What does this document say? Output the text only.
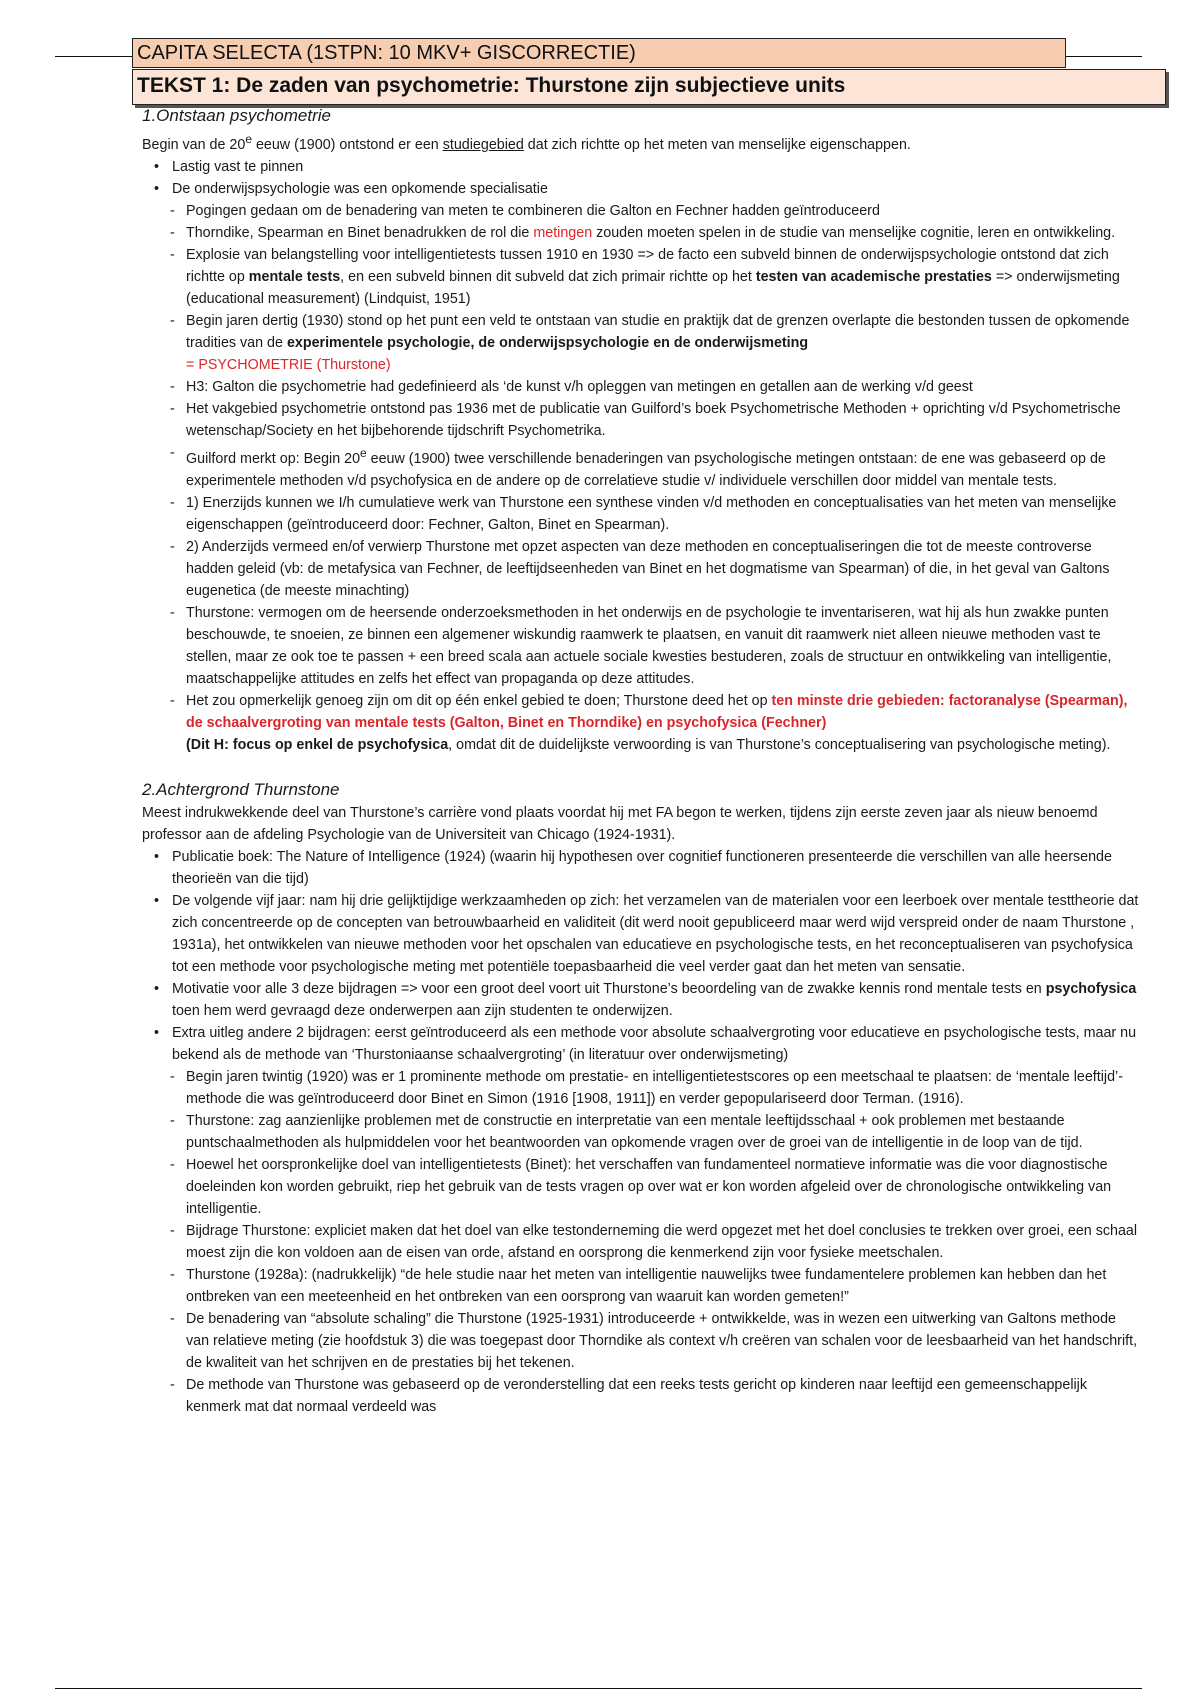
CAPITA SELECTA (1STPN: 10 MKV+ GISCORRECTIE)
TEKST 1: De zaden van psychometrie: Thurstone zijn subjectieve units
1.Ontstaan psychometrie

Begin van de 20e eeuw (1900) ontstond er een studiegebied dat zich richtte op het meten van menselijke eigenschappen.

• Lastig vast te pinnen
• De onderwijspsychologie was een opkomende specialisatie
- Pogingen gedaan om de benadering van meten te combineren die Galton en Fechner hadden geïntroduceerd
- Thorndike, Spearman en Binet benadrukken de rol die metingen zouden moeten spelen in de studie van menselijke cognitie, leren en ontwikkeling.
- Explosie van belangstelling voor intelligentietests tussen 1910 en 1930 => de facto een subveld binnen de onderwijspsychologie ontstond dat zich richtte op mentale tests, en een subveld binnen dit subveld dat zich primair richtte op het testen van academische prestaties => onderwijsmeting (educational measurement) (Lindquist, 1951)
- Begin jaren dertig (1930) stond op het punt een veld te ontstaan van studie en praktijk dat de grenzen overlapte die bestonden tussen de opkomende tradities van de experimentele psychologie, de onderwijspsychologie en de onderwijsmeting
= PSYCHOMETRIE (Thurstone)
- H3: Galton die psychometrie had gedefinieerd als ‘de kunst v/h opleggen van metingen en getallen aan de werking v/d geest
- Het vakgebied psychometrie ontstond pas 1936 met de publicatie van Guilford’s boek Psychometrische Methoden + oprichting v/d Psychometrische wetenschap/Society en het bijbehorende tijdschrift Psychometrika.
- Guilford merkt op: Begin 20e eeuw (1900) twee verschillende benaderingen van psychologische metingen ontstaan: de ene was gebaseerd op de experimentele methoden v/d psychofysica en de andere op de correlatieve studie v/ individuele verschillen door middel van mentale tests.
- 1) Enerzijds kunnen we I/h cumulatieve werk van Thurstone een synthese vinden v/d methoden en conceptualisaties van het meten van menselijke eigenschappen (geïntroduceerd door: Fechner, Galton, Binet en Spearman).
- 2) Anderzijds vermeed en/of verwierp Thurstone met opzet aspecten van deze methoden en conceptualiseringen die tot de meeste controverse hadden geleid (vb: de metafysica van Fechner, de leeftijdseenheden van Binet en het dogmatisme van Spearman) of die, in het geval van Galtons eugenetica (de meeste minachting)
- Thurstone: vermogen om de heersende onderzoeksmethoden in het onderwijs en de psychologie te inventariseren, wat hij als hun zwakke punten beschouwde, te snoeien, ze binnen een algemener wiskundig raamwerk te plaatsen, en vanuit dit raamwerk niet alleen nieuwe methoden vast te stellen, maar ze ook toe te passen + een breed scala aan actuele sociale kwesties bestuderen, zoals de structuur en ontwikkeling van intelligentie, maatschappelijke attitudes en zelfs het effect van propaganda op deze attitudes.
- Het zou opmerkelijk genoeg zijn om dit op één enkel gebied te doen; Thurstone deed het op ten minste drie gebieden: factoranalyse (Spearman), de schaalvergroting van mentale tests (Galton, Binet en Thorndike) en psychofysica (Fechner)
(Dit H: focus op enkel de psychofysica, omdat dit de duidelijkste verwoording is van Thurstone’s conceptualisering van psychologische meting).
2.Achtergrond Thurnstone

Meest indrukwekkende deel van Thurstone’s carrière vond plaats voordat hij met FA begon te werken, tijdens zijn eerste zeven jaar als nieuw benoemd professor aan de afdeling Psychologie van de Universiteit van Chicago (1924-1931).

• Publicatie boek: The Nature of Intelligence (1924) (waarin hij hypothesen over cognitief functioneren presenteerde die verschillen van alle heersende theorieën van die tijd)
• De volgende vijf jaar: nam hij drie gelijktijdige werkzaamheden op zich: het verzamelen van de materialen voor een leerboek over mentale testtheorie dat zich concentreerde op de concepten van betrouwbaarheid en validiteit (dit werd nooit gepubliceerd maar werd wijd verspreid onder de naam Thurstone , 1931a), het ontwikkelen van nieuwe methoden voor het opschalen van educatieve en psychologische tests, en het reconceptualiseren van psychofysica tot een methode voor psychologische meting met potentiële toepasbaarheid die veel verder gaat dan het meten van sensatie.
• Motivatie voor alle 3 deze bijdragen => voor een groot deel voort uit Thurstone’s beoordeling van de zwakke kennis rond mentale tests en psychofysica toen hem werd gevraagd deze onderwerpen aan zijn studenten te onderwijzen.
• Extra uitleg andere 2 bijdragen: eerst geïntroduceerd als een methode voor absolute schaalvergroting voor educatieve en psychologische tests, maar nu bekend als de methode van ‘Thurstoniaanse schaalvergroting’ (in literatuur over onderwijsmeting)
- Begin jaren twintig (1920) was er 1 prominente methode om prestatie- en intelligentietestscores op een meetschaal te plaatsen: de ‘mentale leeftijd’-methode die was geïntroduceerd door Binet en Simon (1916 [1908, 1911]) en verder gepopulariseerd door Terman. (1916).
- Thurstone: zag aanzienlijke problemen met de constructie en interpretatie van een mentale leeftijdsschaal + ook problemen met bestaande puntschaalmethoden als hulpmiddelen voor het beantwoorden van opkomende vragen over de groei van de intelligentie in de loop van de tijd.
- Hoewel het oorspronkelijke doel van intelligentietests (Binet): het verschaffen van fundamenteel normatieve informatie was die voor diagnostische doeleinden kon worden gebruikt, riep het gebruik van de tests vragen op over wat er kon worden afgeleid over de chronologische ontwikkeling van intelligentie.
- Bijdrage Thurstone: expliciet maken dat het doel van elke testonderneming die werd opgezet met het doel conclusies te trekken over groei, een schaal moest zijn die kon voldoen aan de eisen van orde, afstand en oorsprong die kenmerkend zijn voor fysieke meetschalen.
- Thurstone (1928a): (nadrukkelijk) “de hele studie naar het meten van intelligentie nauwelijks twee fundamentelere problemen kan hebben dan het ontbreken van een meeteenheid en het ontbreken van een oorsprong van waaruit kan worden gemeten!”
- De benadering van “absolute schaling” die Thurstone (1925-1931) introduceerde + ontwikkelde, was in wezen een uitwerking van Galtons methode van relatieve meting (zie hoofdstuk 3) die was toegepast door Thorndike als context v/h creëren van schalen voor de leesbaarheid van het handschrift, de kwaliteit van het schrijven en de prestaties bij het tekenen.
- De methode van Thurstone was gebaseerd op de veronderstelling dat een reeks tests gericht op kinderen naar leeftijd een gemeenschappelijk kenmerk mat dat normaal verdeeld was
